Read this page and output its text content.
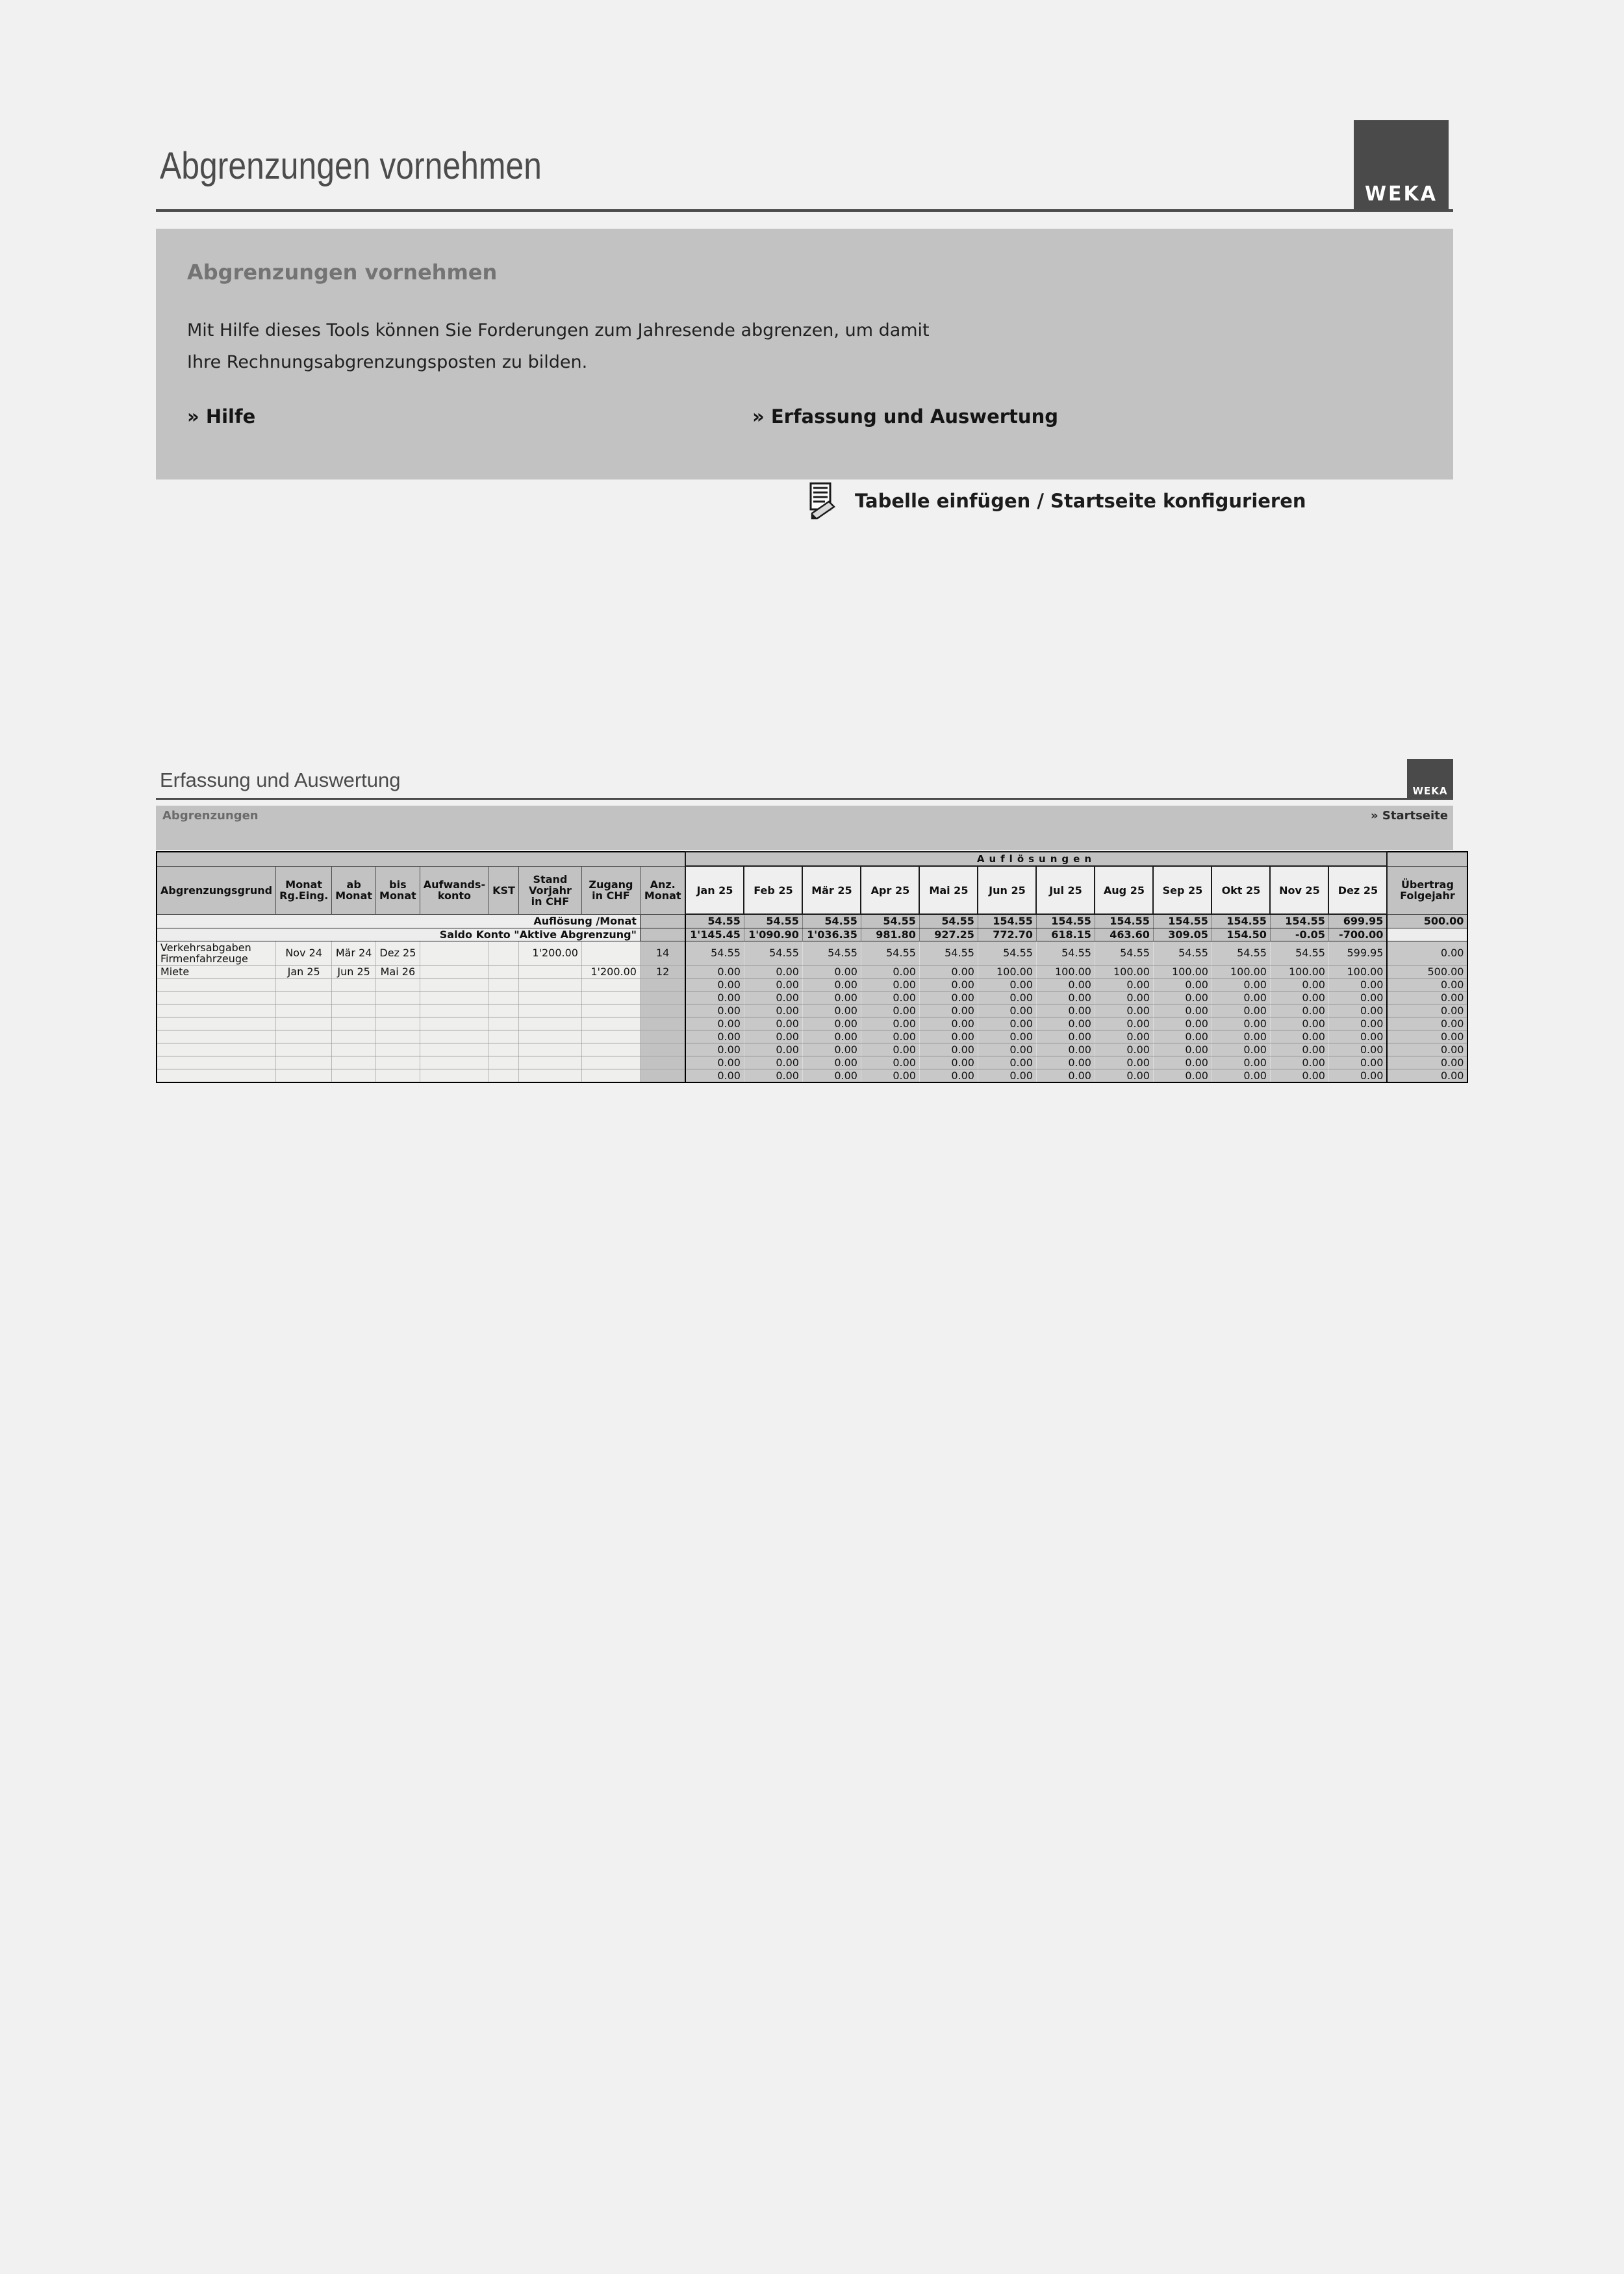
Abgrenzungen vornehmen
WEKA
Abgrenzungen vornehmen
Mit Hilfe dieses Tools können Sie Forderungen zum Jahresende abgrenzen, um damit Ihre Rechnungsabgrenzungsposten zu bilden.
» Hilfe	» Erfassung und Auswertung
Tabelle einfügen / Startseite konfigurieren
Erfassung und Auswertung	WEKA
Abgrenzungen	» Startseite
									Auflösungen												
Abgrenzungsgrund	Monat Rg.Eing.	ab Monat	bis Monat	Aufwands-konto	KST	Stand Vorjahr in CHF	Zugang in CHF	Anz. Monat	Jan 25	Feb 25	Mär 25	Apr 25	Mai 25	Jun 25	Jul 25	Aug 25	Sep 25	Okt 25	Nov 25	Dez 25	Übertrag Folgejahr
Auflösung /Monat									54.55	54.55	54.55	54.55	54.55	154.55	154.55	154.55	154.55	154.55	154.55	699.95	500.00
Saldo Konto "Aktive Abgrenzung"									1'145.45	1'090.90	1'036.35	981.80	927.25	772.70	618.15	463.60	309.05	154.50	-0.05	-700.00	
Verkehrsabgaben Firmenfahrzeuge	Nov 24	Mär 24	Dez 25			1'200.00		14	54.55	54.55	54.55	54.55	54.55	54.55	54.55	54.55	54.55	54.55	54.55	599.95	0.00
Miete	Jan 25	Jun 25	Mai 26				1'200.00	12	0.00	0.00	0.00	0.00	0.00	100.00	100.00	100.00	100.00	100.00	100.00	100.00	500.00
									0.00	0.00	0.00	0.00	0.00	0.00	0.00	0.00	0.00	0.00	0.00	0.00	0.00
									0.00	0.00	0.00	0.00	0.00	0.00	0.00	0.00	0.00	0.00	0.00	0.00	0.00
									0.00	0.00	0.00	0.00	0.00	0.00	0.00	0.00	0.00	0.00	0.00	0.00	0.00
									0.00	0.00	0.00	0.00	0.00	0.00	0.00	0.00	0.00	0.00	0.00	0.00	0.00
									0.00	0.00	0.00	0.00	0.00	0.00	0.00	0.00	0.00	0.00	0.00	0.00	0.00
									0.00	0.00	0.00	0.00	0.00	0.00	0.00	0.00	0.00	0.00	0.00	0.00	0.00
									0.00	0.00	0.00	0.00	0.00	0.00	0.00	0.00	0.00	0.00	0.00	0.00	0.00
									0.00	0.00	0.00	0.00	0.00	0.00	0.00	0.00	0.00	0.00	0.00	0.00	0.00
